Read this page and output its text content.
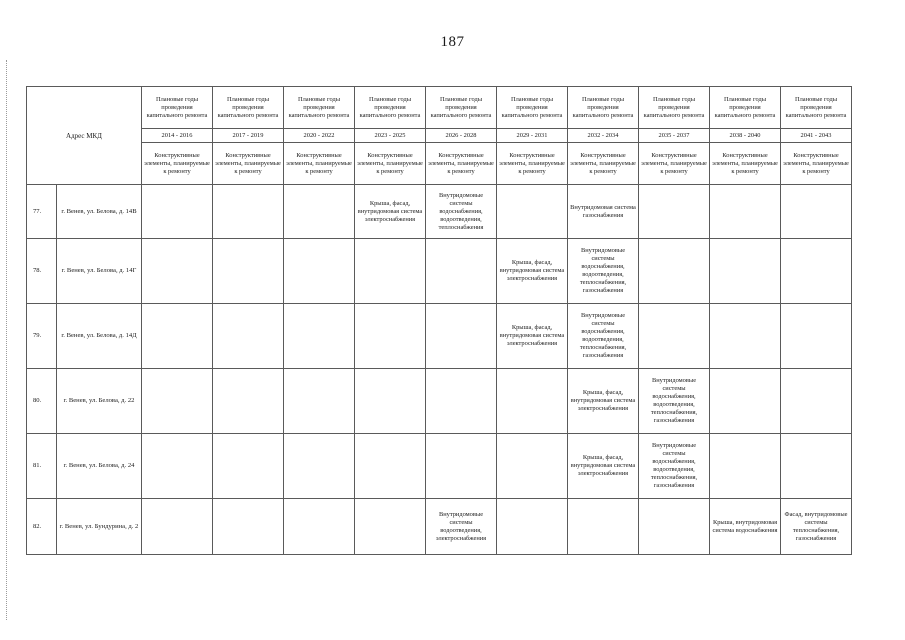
187
Адрес МКД		Плановые годы проведения капитального ремонта	Плановые годы проведения капитального ремонта	Плановые годы проведения капитального ремонта	Плановые годы проведения капитального ремонта	Плановые годы проведения капитального ремонта	Плановые годы проведения капитального ремонта	Плановые годы проведения капитального ремонта	Плановые годы проведения капитального ремонта	Плановые годы проведения капитального ремонта	Плановые годы проведения капитального ремонта
		2014 - 2016	2017 - 2019	2020 - 2022	2023 - 2025	2026 - 2028	2029 - 2031	2032 - 2034	2035 - 2037	2038 - 2040	2041 - 2043
		Конструктивные элементы, планируемые к ремонту	Конструктивные элементы, планируемые к ремонту	Конструктивные элементы, планируемые к ремонту	Конструктивные элементы, планируемые к ремонту	Конструктивные элементы, планируемые к ремонту	Конструктивные элементы, планируемые к ремонту	Конструктивные элементы, планируемые к ремонту	Конструктивные элементы, планируемые к ремонту	Конструктивные элементы, планируемые к ремонту	Конструктивные элементы, планируемые к ремонту
77.	г. Венев, ул. Белова, д. 14В				Крыша, фасад, внутридомовая система электроснабжения	Внутридомовые системы водоснабжения, водоотведения, теплоснабжения		Внутридомовая система газоснабжения			
78.	г. Венев, ул. Белова, д. 14Г						Крыша, фасад, внутридомовая система электроснабжения	Внутридомовые системы водоснабжения, водоотведения, теплоснабжения, газоснабжения			
79.	г. Венев, ул. Белова, д. 14Д						Крыша, фасад, внутридомовая система электроснабжения	Внутридомовые системы водоснабжения, водоотведения, теплоснабжения, газоснабжения			
80.	г. Венев, ул. Белова, д. 22							Крыша, фасад, внутридомовая система электроснабжения	Внутридомовые системы водоснабжения, водоотведения, теплоснабжения, газоснабжения		
81.	г. Венев, ул. Белова, д. 24							Крыша, фасад, внутридомовая система электроснабжения	Внутридомовые системы водоснабжения, водоотведения, теплоснабжения, газоснабжения		
82.	г. Венев, ул. Бундурина, д. 2					Внутридомовые системы водоотведения, электроснабжения				Крыша, внутридомовая система водоснабжения	Фасад, внутридомовые системы теплоснабжения, газоснабжения
